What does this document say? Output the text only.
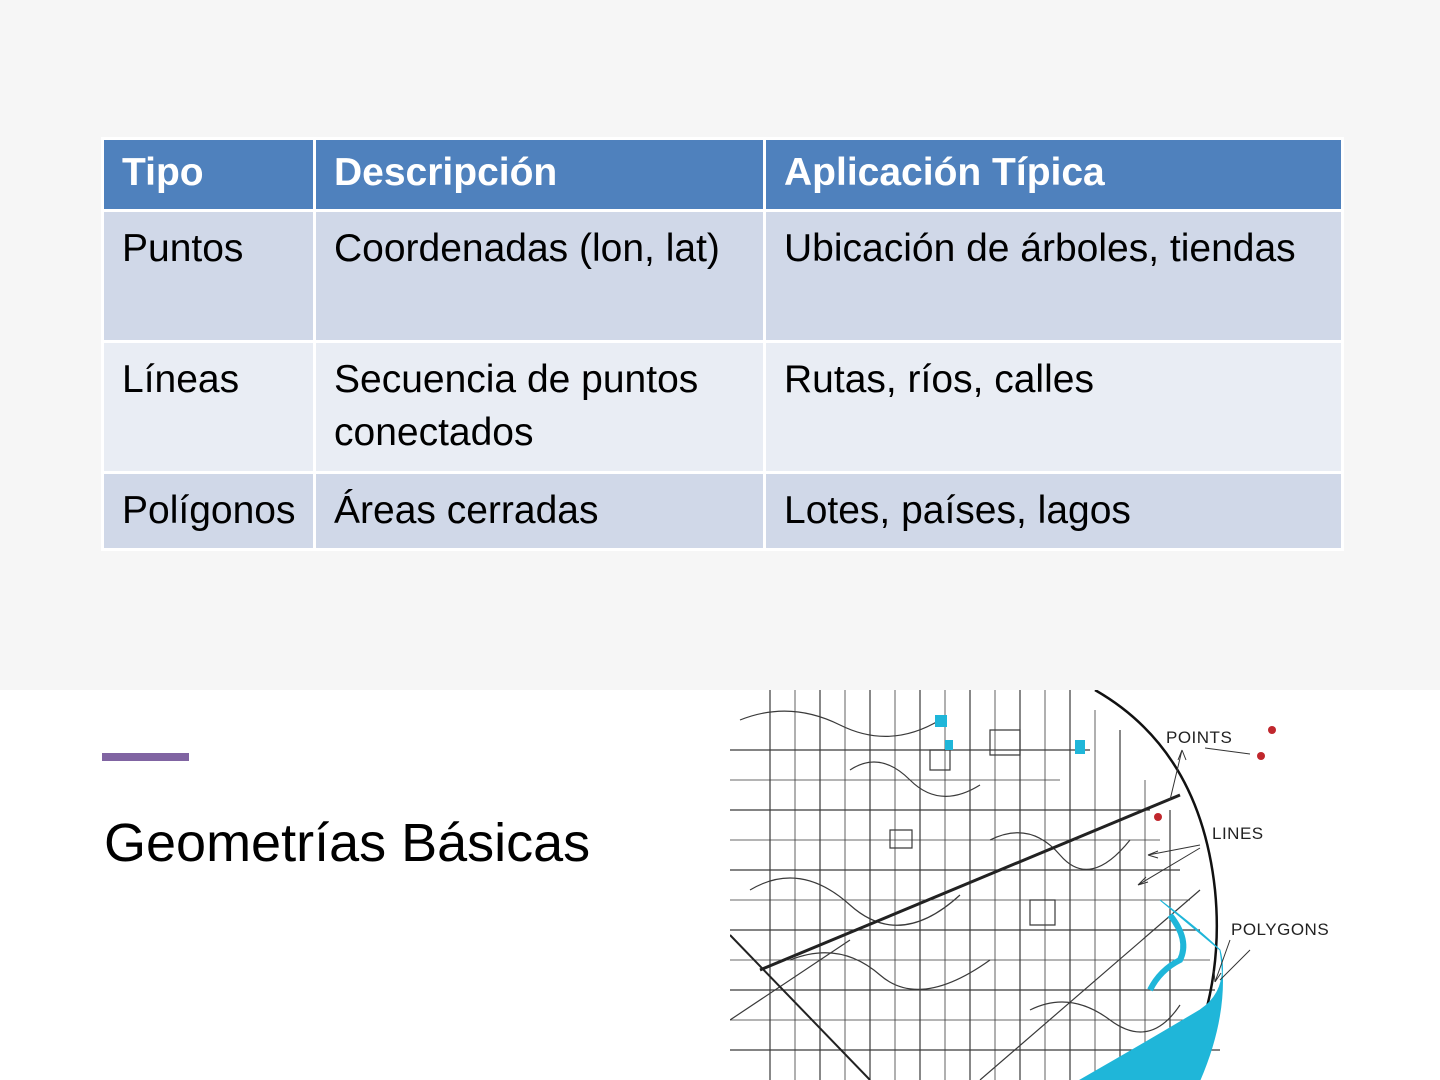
Tipo	Descripción	Aplicación Típica
Puntos	Coordenadas (lon, lat)	Ubicación de árboles, tiendas
Líneas	Secuencia de puntos conectados	Rutas, ríos, calles
Polígonos	Áreas cerradas	Lotes, países, lagos
Geometrías Básicas
POINTS
LINES
POLYGONS
